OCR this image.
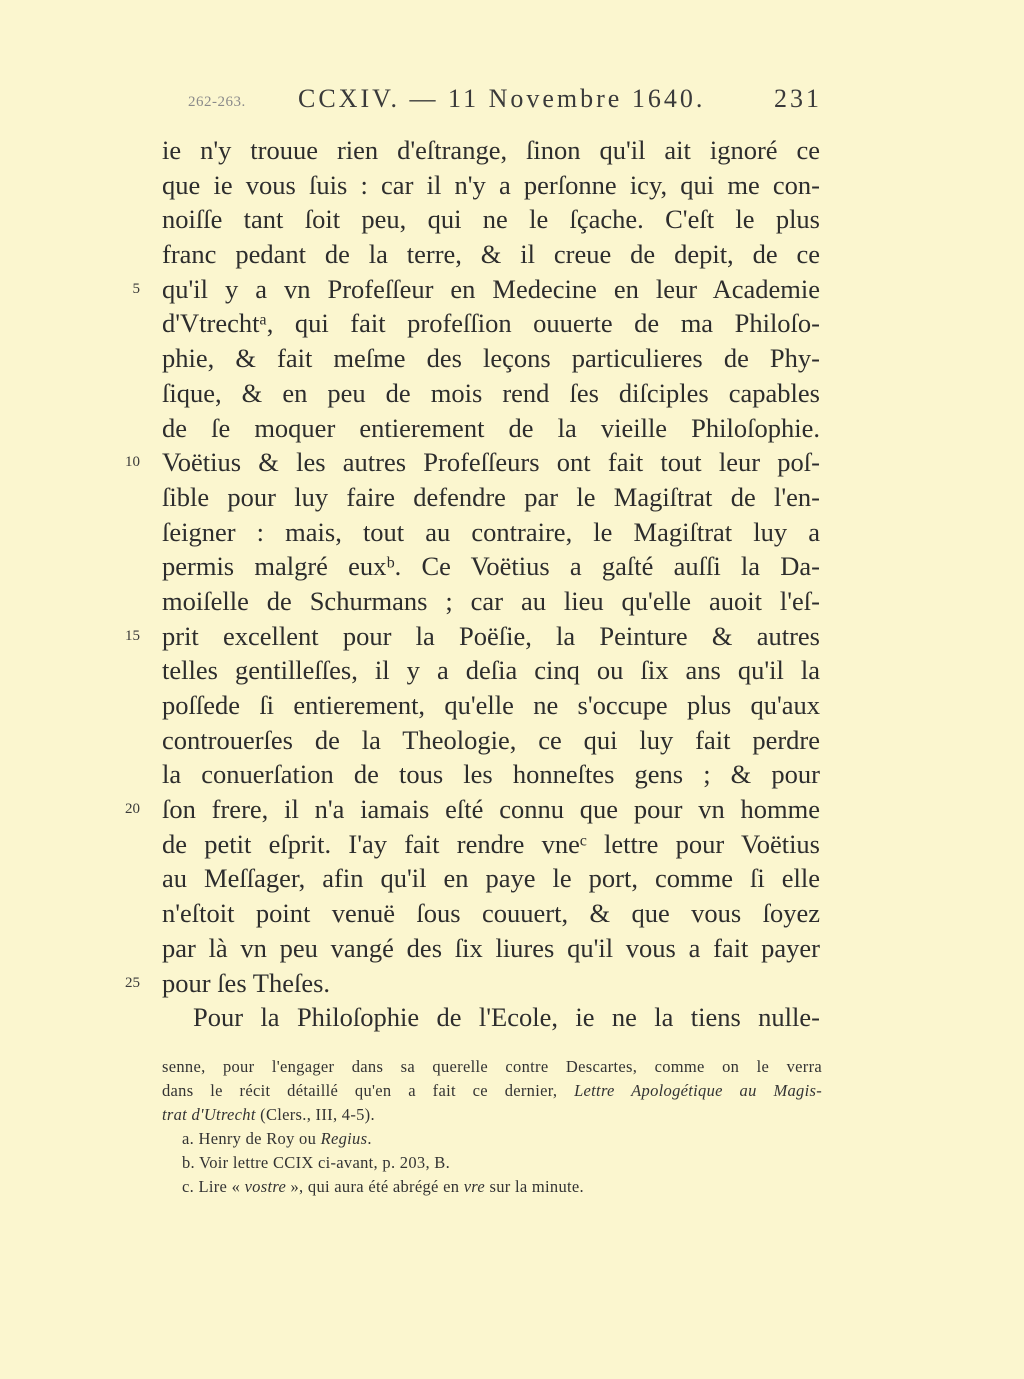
262-263. CCXIV. — 11 Novembre 1640.	231
ie n'y trouue rien d'eſtrange, ſinon qu'il ait ignoré ce
que ie vous ſuis : car il n'y a perſonne icy, qui me con-
noiſſe tant ſoit peu, qui ne le ſçache. C'eſt le plus
franc pedant de la terre, & il creue de depit, de ce
5 qu'il y a vn Profeſſeur en Medecine en leur Academie
d'Vtrechtᵃ, qui fait profeſſion ouuerte de ma Philoſo-
phie, & fait meſme des leçons particulieres de Phy-
ſique, & en peu de mois rend ſes diſciples capables
de ſe moquer entierement de la vieille Philoſophie.
10 Voëtius & les autres Profeſſeurs ont fait tout leur poſ-
ſible pour luy faire defendre par le Magiſtrat de l'en-
ſeigner : mais, tout au contraire, le Magiſtrat luy a
permis malgré euxᵇ. Ce Voëtius a gaſté auſſi la Da-
moiſelle de Schurmans ; car au lieu qu'elle auoit l'eſ-
15 prit excellent pour la Poëſie, la Peinture & autres
telles gentilleſſes, il y a deſia cinq ou ſix ans qu'il la
poſſede ſi entierement, qu'elle ne s'occupe plus qu'aux
controuerſes de la Theologie, ce qui luy fait perdre
la conuerſation de tous les honneſtes gens ; & pour
20 ſon frere, il n'a iamais eſté connu que pour vn homme
de petit eſprit. I'ay fait rendre vneᶜ lettre pour Voëtius
au Meſſager, afin qu'il en paye le port, comme ſi elle
n'eſtoit point venuë ſous couuert, & que vous ſoyez
par là vn peu vangé des ſix liures qu'il vous a fait payer
25 pour ſes Theſes.
Pour la Philoſophie de l'Ecole, ie ne la tiens nulle-
senne, pour l'engager dans sa querelle contre Descartes, comme on le verra
dans le récit détaillé qu'en a fait ce dernier, Lettre Apologétique au Magis-
trat d'Utrecht (Clers., III, 4-5).
a. Henry de Roy ou Regius.
b. Voir lettre CCIX ci-avant, p. 203, B.
c. Lire « vostre », qui aura été abrégé en vre sur la minute.
